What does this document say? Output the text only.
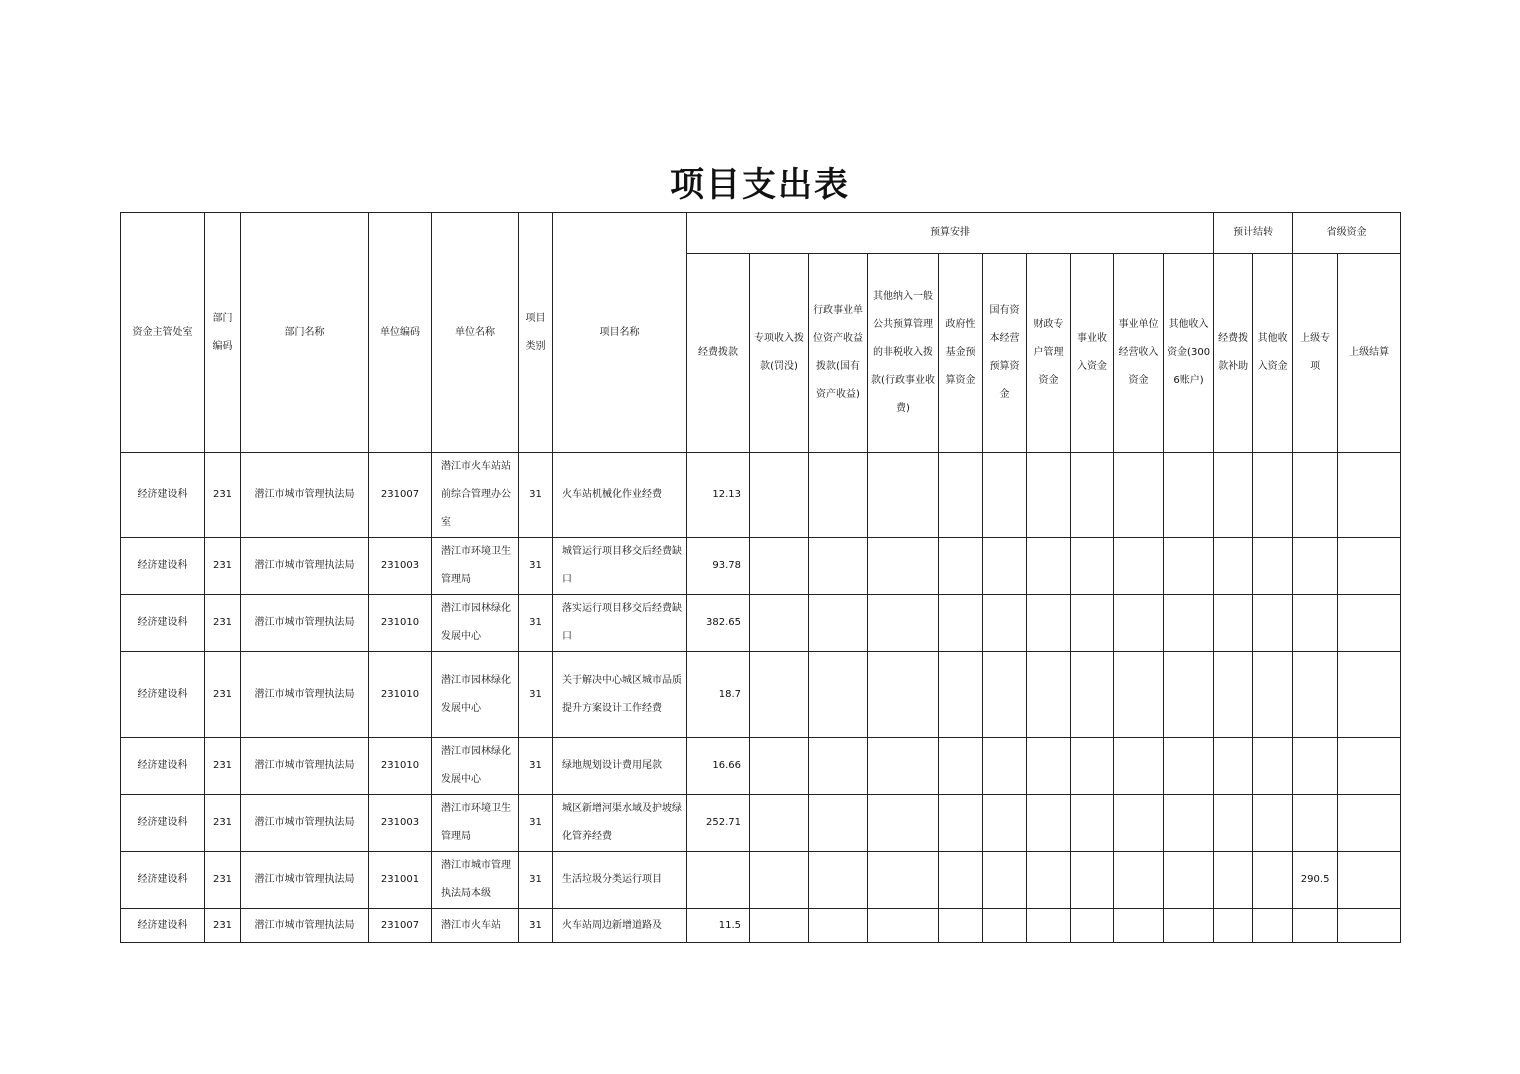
项目支出表
资金主管处室	部门编码	部门名称	单位编码	单位名称	项目类别	项目名称	预算安排										预计结转		省级资金	
							经费拨款	专项收入拨款(罚没)	行政事业单位资产收益拨款(国有资产收益)	其他纳入一般公共预算管理的非税收入拨款(行政事业收费)	政府性基金预算资金	国有资本经营预算资金	财政专户管理资金	事业收入资金	事业单位经营收入资金	其他收入资金(3006账户)	经费拨款补助	其他收入资金	上级专项	上级结算
经济建设科	231	潜江市城市管理执法局	231007	潜江市火车站站前综合管理办公室	31	火车站机械化作业经费	12.13													
经济建设科	231	潜江市城市管理执法局	231003	潜江市环境卫生管理局	31	城管运行项目移交后经费缺口	93.78													
经济建设科	231	潜江市城市管理执法局	231010	潜江市园林绿化发展中心	31	落实运行项目移交后经费缺口	382.65													
经济建设科	231	潜江市城市管理执法局	231010	潜江市园林绿化发展中心	31	关于解决中心城区城市品质提升方案设计工作经费	18.7													
经济建设科	231	潜江市城市管理执法局	231010	潜江市园林绿化发展中心	31	绿地规划设计费用尾款	16.66													
经济建设科	231	潜江市城市管理执法局	231003	潜江市环境卫生管理局	31	城区新增河渠水域及护坡绿化管养经费	252.71													
经济建设科	231	潜江市城市管理执法局	231001	潜江市城市管理执法局本级	31	生活垃圾分类运行项目													290.5	
经济建设科	231	潜江市城市管理执法局	231007	潜江市火车站	31	火车站周边新增道路及	11.5													
